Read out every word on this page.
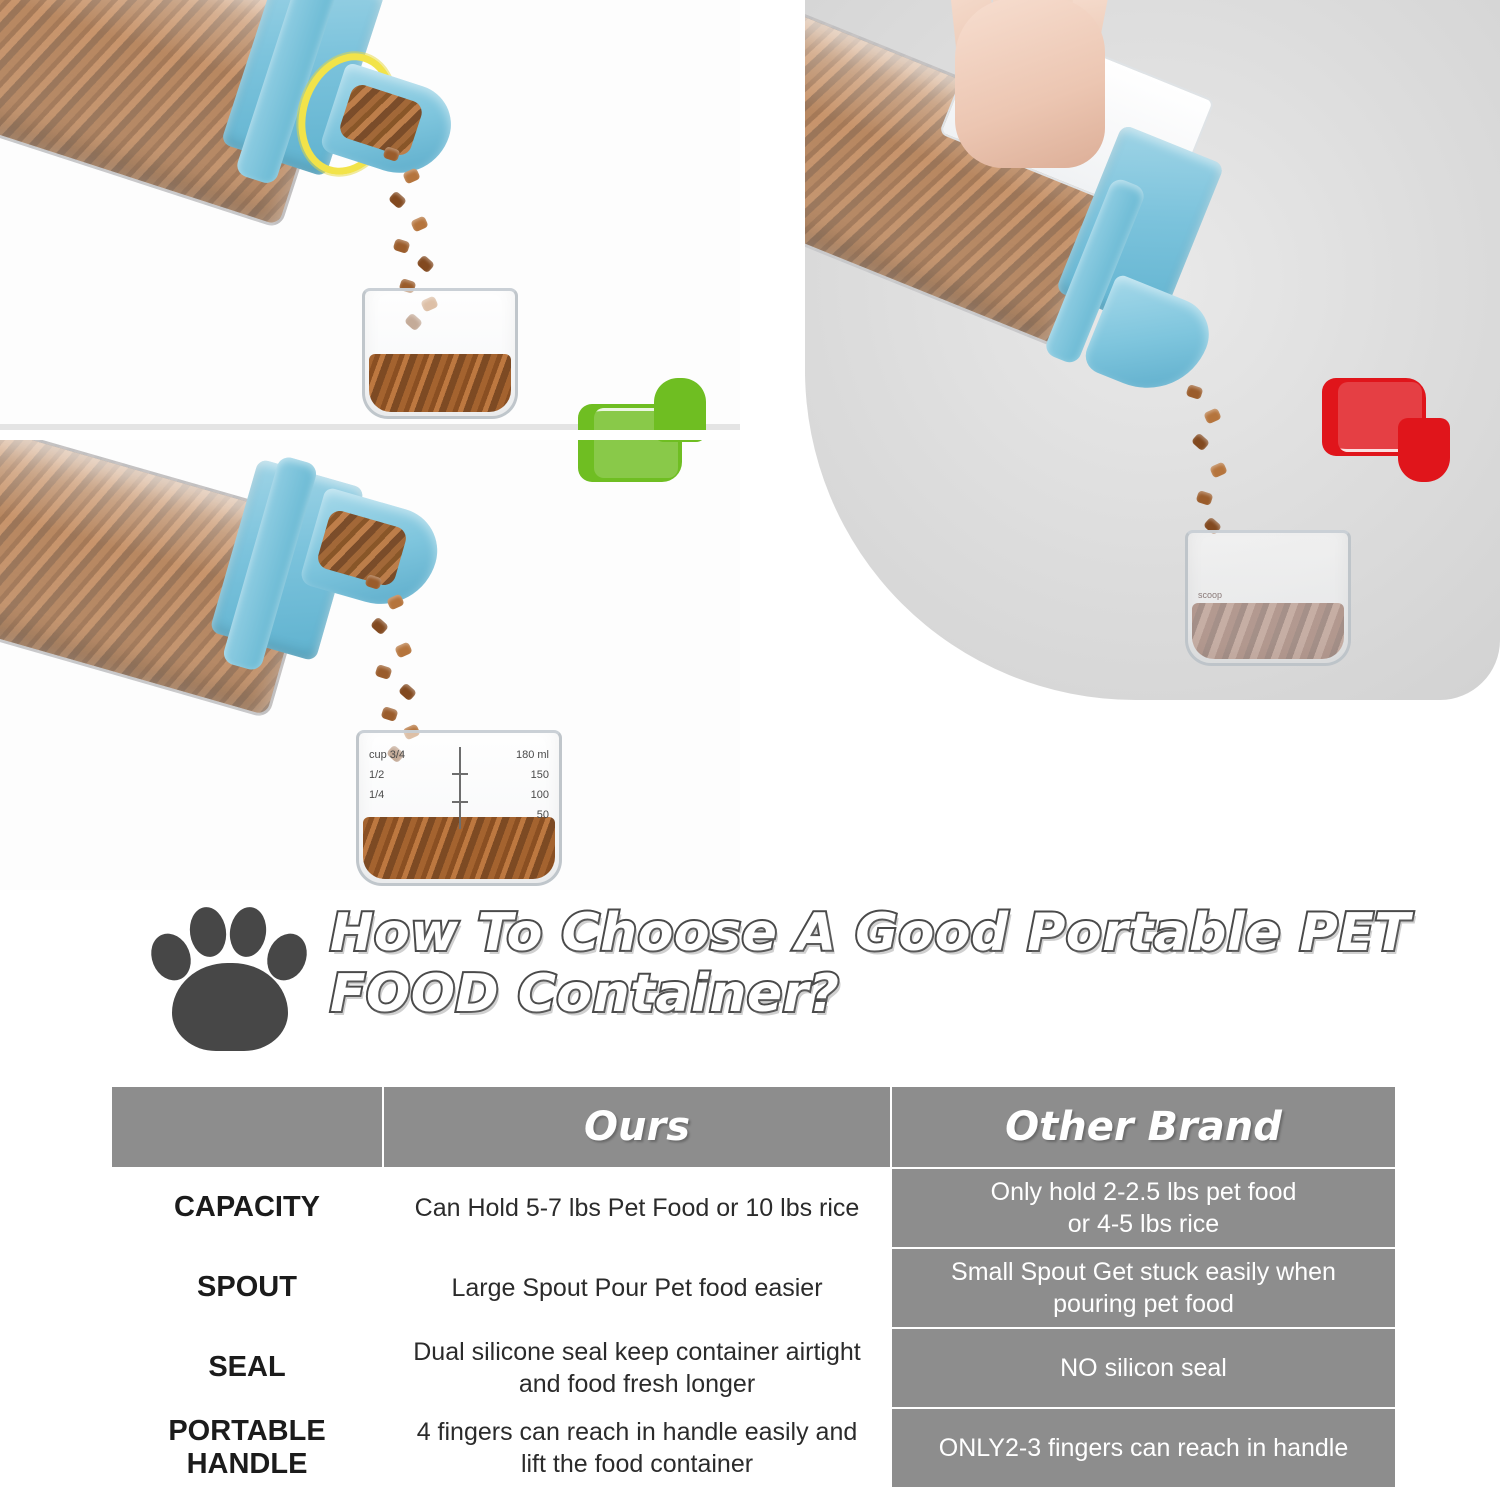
180 ml
150
100
50
cup 3/4
1/2
1/4
scoop
How To Choose A Good Portable PET
FOOD Container?
	Ours	Other Brand
CAPACITY	Can Hold 5-7 lbs Pet Food or 10 lbs rice	Only hold 2-2.5 lbs pet food
or 4-5 lbs rice
SPOUT	Large Spout Pour Pet food easier	Small Spout Get stuck easily when
pouring pet food
SEAL	Dual silicone seal keep container airtight
and food fresh longer	NO silicon seal
PORTABLE
HANDLE	4 fingers can reach in handle easily and
lift the food container	ONLY2-3 fingers can reach in handle
